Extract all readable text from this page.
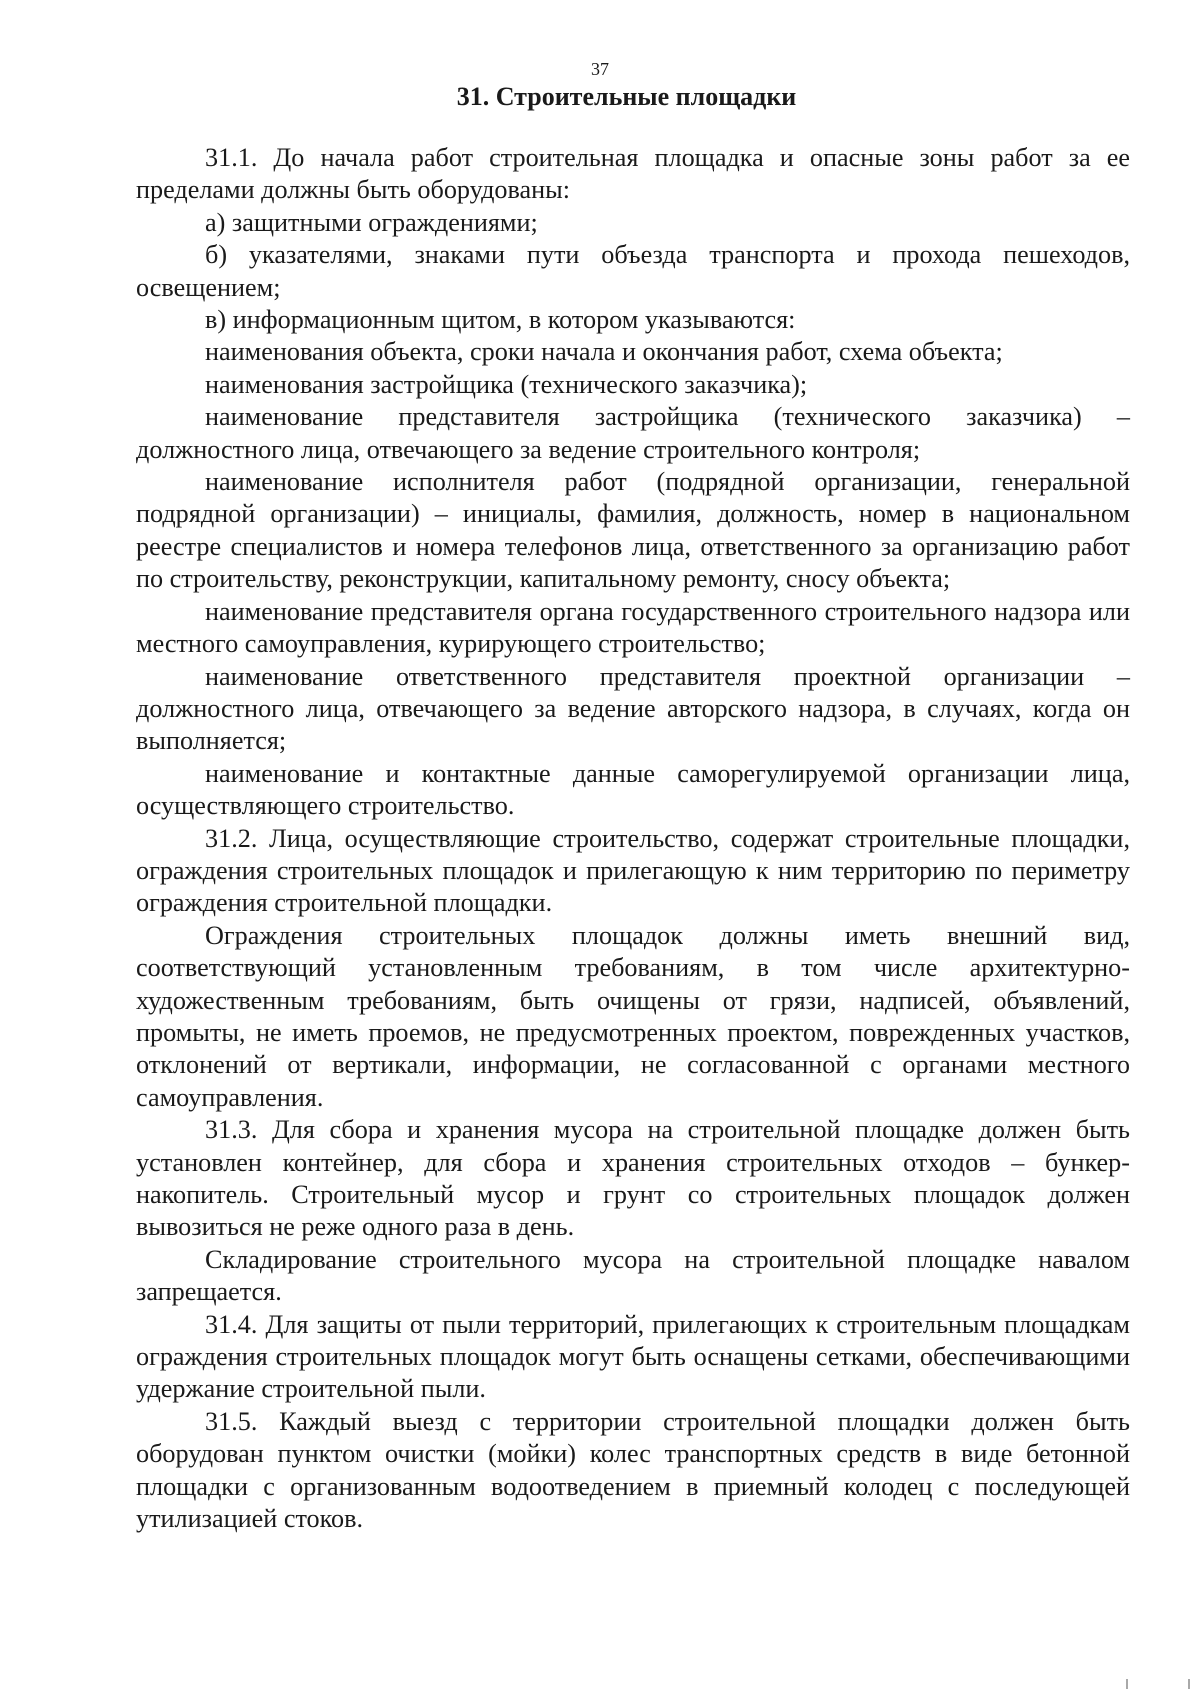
37
31. Строительные площадки

31.1. До начала работ строительная площадка и опасные зоны работ за ее пределами должны быть оборудованы:

а) защитными ограждениями;

б) указателями, знаками пути объезда транспорта и прохода пешеходов, освещением;

в) информационным щитом, в котором указываются:

наименования объекта, сроки начала и окончания работ, схема объекта;

наименования застройщика (технического заказчика);

наименование представителя застройщика (технического заказчика) – должностного лица, отвечающего за ведение строительного контроля;

наименование исполнителя работ (подрядной организации, генеральной подрядной организации) – инициалы, фамилия, должность, номер в национальном реестре специалистов и номера телефонов лица, ответственного за организацию работ по строительству, реконструкции, капитальному ремонту, сносу объекта;

наименование представителя органа государственного строительного надзора или местного самоуправления, курирующего строительство;

наименование ответственного представителя проектной организации – должностного лица, отвечающего за ведение авторского надзора, в случаях, когда он выполняется;

наименование и контактные данные саморегулируемой организации лица, осуществляющего строительство.

31.2. Лица, осуществляющие строительство, содержат строительные площадки, ограждения строительных площадок и прилегающую к ним территорию по периметру ограждения строительной площадки.

Ограждения строительных площадок должны иметь внешний вид, соответствующий установленным требованиям, в том числе архитектурно-художественным требованиям, быть очищены от грязи, надписей, объявлений, промыты, не иметь проемов, не предусмотренных проектом, поврежденных участков, отклонений от вертикали, информации, не согласованной с органами местного самоуправления.

31.3. Для сбора и хранения мусора на строительной площадке должен быть установлен контейнер, для сбора и хранения строительных отходов – бункер-накопитель. Строительный мусор и грунт со строительных площадок должен вывозиться не реже одного раза в день.

Складирование строительного мусора на строительной площадке навалом запрещается.

31.4. Для защиты от пыли территорий, прилегающих к строительным площадкам ограждения строительных площадок могут быть оснащены сетками, обеспечивающими удержание строительной пыли.

31.5. Каждый выезд с территории строительной площадки должен быть оборудован пунктом очистки (мойки) колес транспортных средств в виде бетонной площадки с организованным водоотведением в приемный колодец с последующей утилизацией стоков.
